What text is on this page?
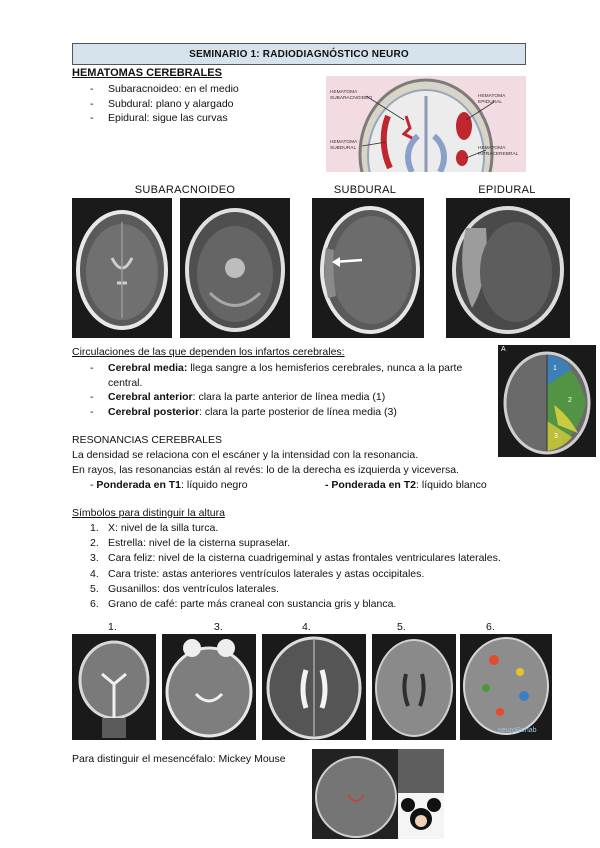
SEMINARIO 1: RADIODIAGNÓSTICO NEURO
HEMATOMAS CEREBRALES
- Subaracnoideo: en el medio
- Subdural: plano y alargado
- Epidural: sigue las curvas
HEMATOMA SUBARACNOIDEO	HEMATOMA EPIDURAL
HEMATOMA SUBDURAL	HEMATOMA INTRACEREBRAL
SUBARACNOIDEO	SUBDURAL	EPIDURAL
Circulaciones de las que dependen los infartos cerebrales:
- Cerebral media: llega sangre a los hemisferios cerebrales, nunca a la parte
central.
- Cerebral anterior: clara la parte anterior de línea media (1)
- Cerebral posterior: clara la parte posterior de línea media (3)
A
1
2
3
RESONANCIAS CEREBRALES
La densidad se relaciona con el escáner y la intensidad con la resonancia.
En rayos, las resonancias están al revés: lo de la derecha es izquierda y viceversa.
- Ponderada en T1: líquido negro	- Ponderada en T2: líquido blanco
Símbolos para distinguir la altura
1. X: nivel de la silla turca.
2. Estrella: nivel de la cisterna supraselar.
3. Cara feliz: nivel de la cisterna cuadrigeminal y astas frontales ventriculares laterales.
4. Cara triste: astas anteriores ventrículos laterales y astas occipitales.
5. Gusanillos: dos ventrículos laterales.
6. Grano de café: parte más craneal con sustancia gris y blanca.
1.	3.	4.	5.	6.
neuroRehab
Para distinguir el mesencéfalo: Mickey Mouse
